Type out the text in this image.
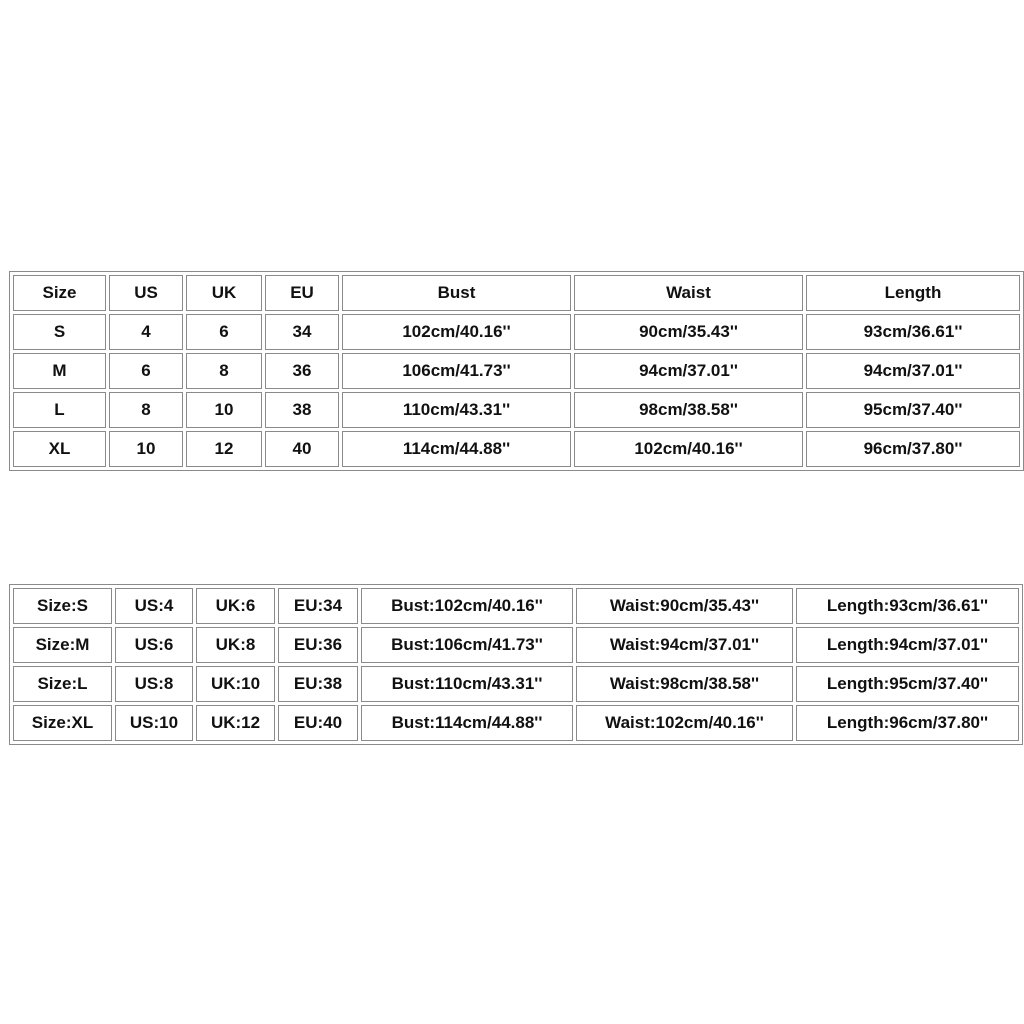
Size	US	UK	EU	Bust	Waist	Length
S	4	6	34	102cm/40.16''	90cm/35.43''	93cm/36.61''
M	6	8	36	106cm/41.73''	94cm/37.01''	94cm/37.01''
L	8	10	38	110cm/43.31''	98cm/38.58''	95cm/37.40''
XL	10	12	40	114cm/44.88''	102cm/40.16''	96cm/37.80''
Size:S	US:4	UK:6	EU:34	Bust:102cm/40.16''	Waist:90cm/35.43''	Length:93cm/36.61''
Size:M	US:6	UK:8	EU:36	Bust:106cm/41.73''	Waist:94cm/37.01''	Length:94cm/37.01''
Size:L	US:8	UK:10	EU:38	Bust:110cm/43.31''	Waist:98cm/38.58''	Length:95cm/37.40''
Size:XL	US:10	UK:12	EU:40	Bust:114cm/44.88''	Waist:102cm/40.16''	Length:96cm/37.80''
